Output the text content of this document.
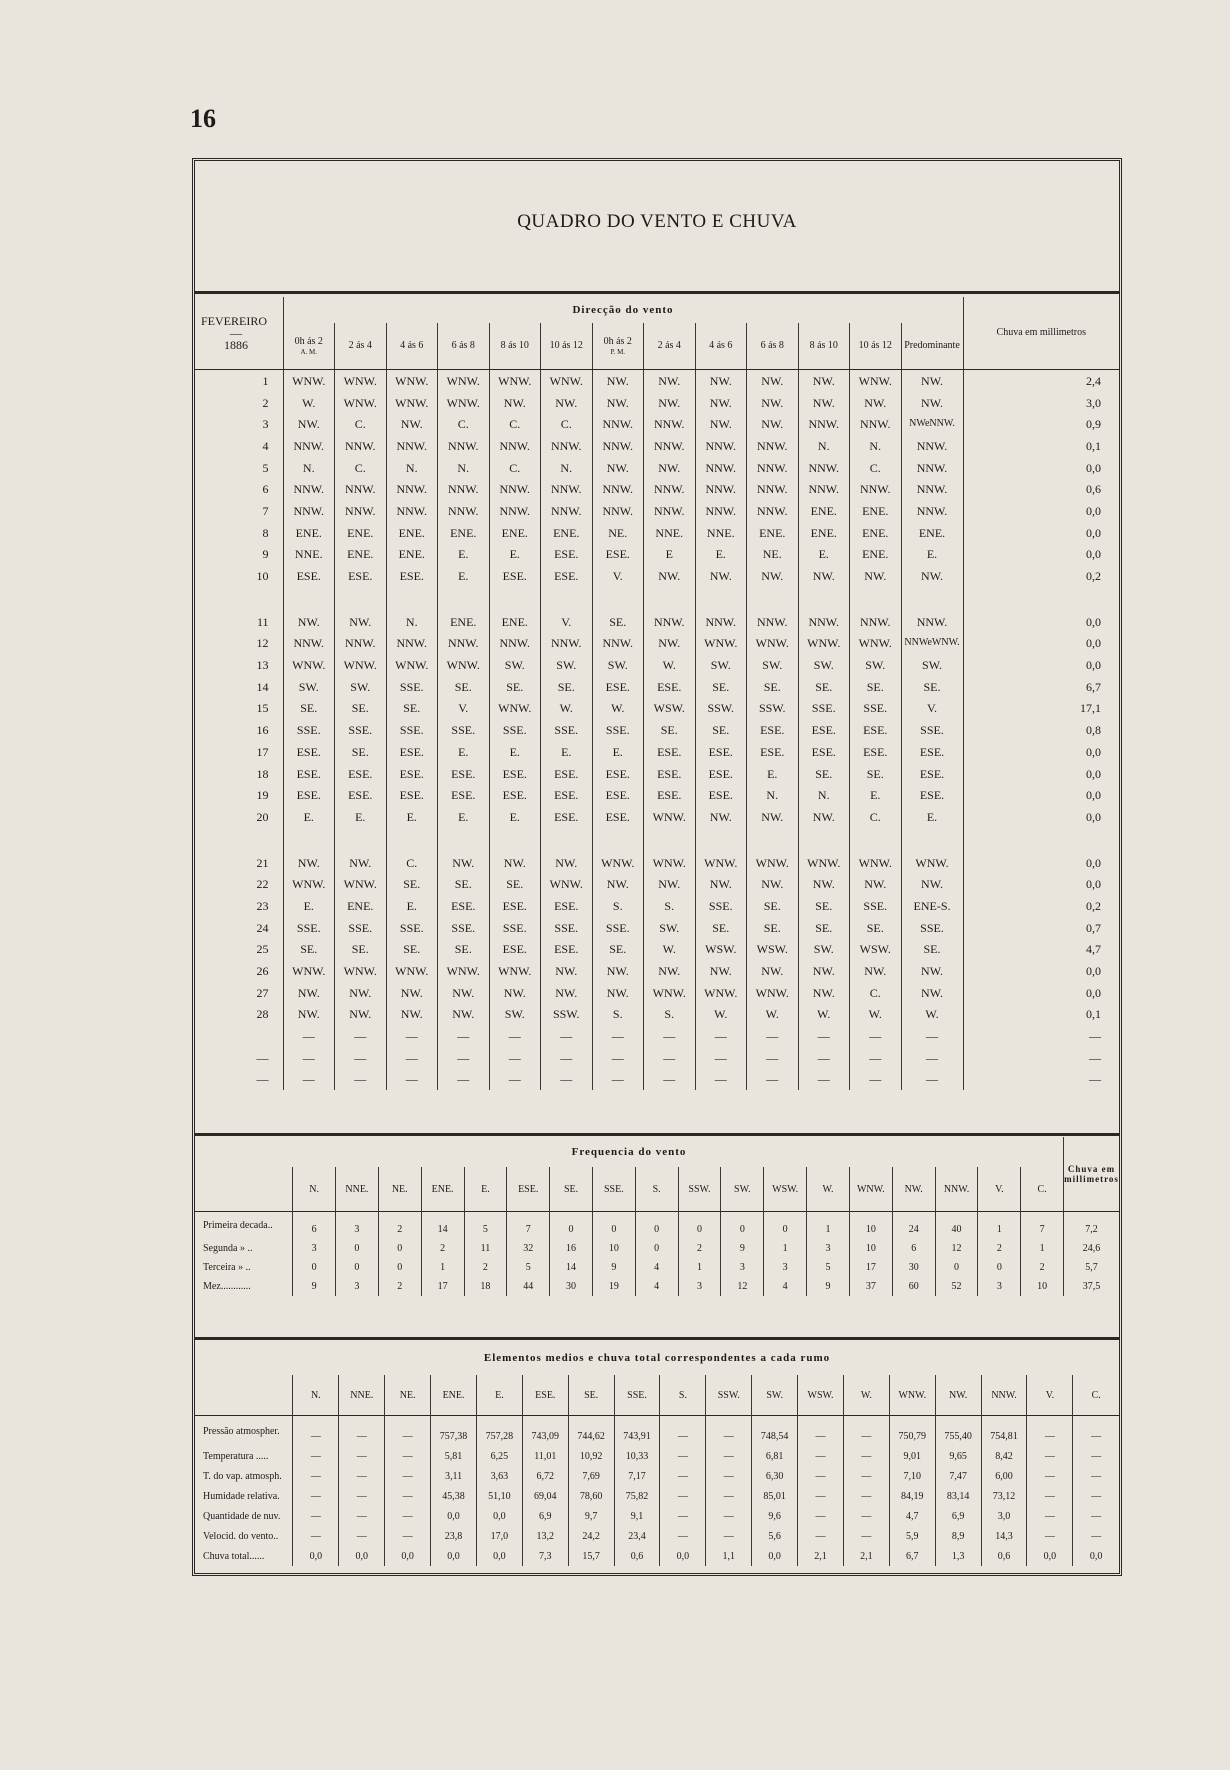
16
QUADRO DO VENTO E CHUVA
FEVEREIRO
—
1886	Direcção do vento													Chuva em millimetros
	0h ás 2
A. M.	2 ás 4	4 ás 6	6 ás 8	8 ás 10	10 ás 12	0h ás 2
P. M.	2 ás 4	4 ás 6	6 ás 8	8 ás 10	10 ás 12	Predominante	
1	WNW.	WNW.	WNW.	WNW.	WNW.	WNW.	NW.	NW.	NW.	NW.	NW.	WNW.	NW.	2,4
2	W.	WNW.	WNW.	WNW.	NW.	NW.	NW.	NW.	NW.	NW.	NW.	NW.	NW.	3,0
3	NW.	C.	NW.	C.	C.	C.	NNW.	NNW.	NW.	NW.	NNW.	NNW.	NWeNNW.	0,9
4	NNW.	NNW.	NNW.	NNW.	NNW.	NNW.	NNW.	NNW.	NNW.	NNW.	N.	N.	NNW.	0,1
5	N.	C.	N.	N.	C.	N.	NW.	NW.	NNW.	NNW.	NNW.	C.	NNW.	0,0
6	NNW.	NNW.	NNW.	NNW.	NNW.	NNW.	NNW.	NNW.	NNW.	NNW.	NNW.	NNW.	NNW.	0,6
7	NNW.	NNW.	NNW.	NNW.	NNW.	NNW.	NNW.	NNW.	NNW.	NNW.	ENE.	ENE.	NNW.	0,0
8	ENE.	ENE.	ENE.	ENE.	ENE.	ENE.	NE.	NNE.	NNE.	ENE.	ENE.	ENE.	ENE.	0,0
9	NNE.	ENE.	ENE.	E.	E.	ESE.	ESE.	E	E.	NE.	E.	ENE.	E.	0,0
10	ESE.	ESE.	ESE.	E.	ESE.	ESE.	V.	NW.	NW.	NW.	NW.	NW.	NW.	0,2

11	NW.	NW.	N.	ENE.	ENE.	V.	SE.	NNW.	NNW.	NNW.	NNW.	NNW.	NNW.	0,0
12	NNW.	NNW.	NNW.	NNW.	NNW.	NNW.	NNW.	NW.	WNW.	WNW.	WNW.	WNW.	NNWeWNW.	0,0
13	WNW.	WNW.	WNW.	WNW.	SW.	SW.	SW.	W.	SW.	SW.	SW.	SW.	SW.	0,0
14	SW.	SW.	SSE.	SE.	SE.	SE.	ESE.	ESE.	SE.	SE.	SE.	SE.	SE.	6,7
15	SE.	SE.	SE.	V.	WNW.	W.	W.	WSW.	SSW.	SSW.	SSE.	SSE.	V.	17,1
16	SSE.	SSE.	SSE.	SSE.	SSE.	SSE.	SSE.	SE.	SE.	ESE.	ESE.	ESE.	SSE.	0,8
17	ESE.	SE.	ESE.	E.	E.	E.	E.	ESE.	ESE.	ESE.	ESE.	ESE.	ESE.	0,0
18	ESE.	ESE.	ESE.	ESE.	ESE.	ESE.	ESE.	ESE.	ESE.	E.	SE.	SE.	ESE.	0,0
19	ESE.	ESE.	ESE.	ESE.	ESE.	ESE.	ESE.	ESE.	ESE.	N.	N.	E.	ESE.	0,0
20	E.	E.	E.	E.	E.	ESE.	ESE.	WNW.	NW.	NW.	NW.	C.	E.	0,0

21	NW.	NW.	C.	NW.	NW.	NW.	WNW.	WNW.	WNW.	WNW.	WNW.	WNW.	WNW.	0,0
22	WNW.	WNW.	SE.	SE.	SE.	WNW.	NW.	NW.	NW.	NW.	NW.	NW.	NW.	0,0
23	E.	ENE.	E.	ESE.	ESE.	ESE.	S.	S.	SSE.	SE.	SE.	SSE.	ENE-S.	0,2
24	SSE.	SSE.	SSE.	SSE.	SSE.	SSE.	SSE.	SW.	SE.	SE.	SE.	SE.	SSE.	0,7
25	SE.	SE.	SE.	SE.	ESE.	ESE.	SE.	W.	WSW.	WSW.	SW.	WSW.	SE.	4,7
26	WNW.	WNW.	WNW.	WNW.	WNW.	NW.	NW.	NW.	NW.	NW.	NW.	NW.	NW.	0,0
27	NW.	NW.	NW.	NW.	NW.	NW.	NW.	WNW.	WNW.	WNW.	NW.	C.	NW.	0,0
28	NW.	NW.	NW.	NW.	SW.	SSW.	S.	S.	W.	W.	W.	W.	W.	0,1
	—	—	—	—	—	—	—	—	—	—	—	—	—	—
—	—	—	—	—	—	—	—	—	—	—	—	—	—	—
—	—	—	—	—	—	—	—	—	—	—	—	—	—	—
Frequencia do vento																			Chuva em millimetros
	N.	NNE.	NE.	ENE.	E.	ESE.	SE.	SSE.	S.	SSW.	SW.	WSW.	W.	WNW.	NW.	NNW.	V.	C.	
Primeira decada..	6	3	2	14	5	7	0	0	0	0	0	0	1	10	24	40	1	7	7,2
Segunda » ..	3	0	0	2	11	32	16	10	0	2	9	1	3	10	6	12	2	1	24,6
Terceira » ..	0	0	0	1	2	5	14	9	4	1	3	3	5	17	30	0	0	2	5,7
Mez............	9	3	2	17	18	44	30	19	4	3	12	4	9	37	60	52	3	10	37,5
Elementos medios e chuva total correspondentes a cada rumo																		
	N.	NNE.	NE.	ENE.	E.	ESE.	SE.	SSE.	S.	SSW.	SW.	WSW.	W.	WNW.	NW.	NNW.	V.	C.
Pressão atmospher.	—	—	—	757,38	757,28	743,09	744,62	743,91	—	—	748,54	—	—	750,79	755,40	754,81	—	—
Temperatura .....	—	—	—	5,81	6,25	11,01	10,92	10,33	—	—	6,81	—	—	9,01	9,65	8,42	—	—
T. do vap. atmosph.	—	—	—	3,11	3,63	6,72	7,69	7,17	—	—	6,30	—	—	7,10	7,47	6,00	—	—
Humidade relativa.	—	—	—	45,38	51,10	69,04	78,60	75,82	—	—	85,01	—	—	84,19	83,14	73,12	—	—
Quantidade de nuv.	—	—	—	0,0	0,0	6,9	9,7	9,1	—	—	9,6	—	—	4,7	6,9	3,0	—	—
Velocid. do vento..	—	—	—	23,8	17,0	13,2	24,2	23,4	—	—	5,6	—	—	5,9	8,9	14,3	—	—
Chuva total......	0,0	0,0	0,0	0,0	0,0	7,3	15,7	0,6	0,0	1,1	0,0	2,1	2,1	6,7	1,3	0,6	0,0	0,0
